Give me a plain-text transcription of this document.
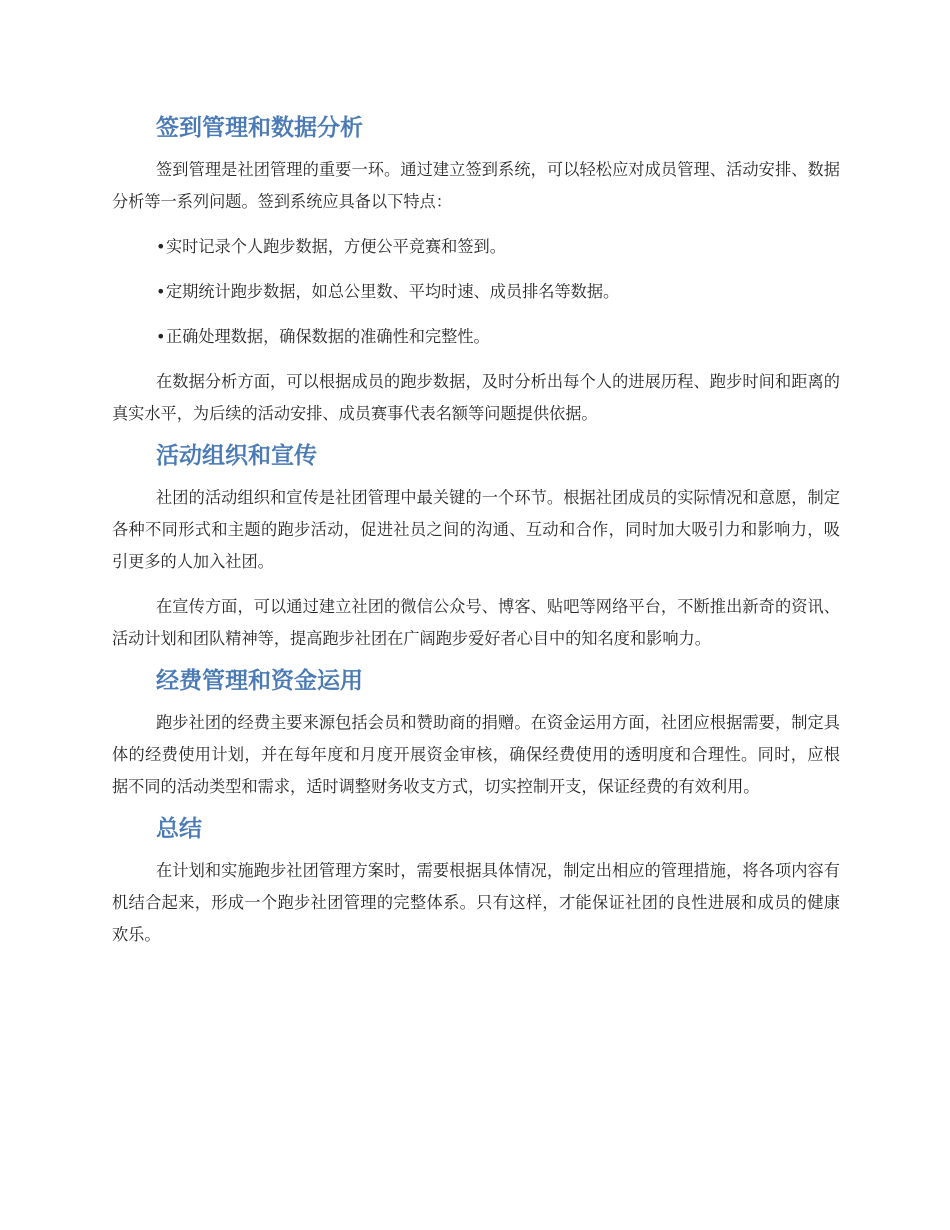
签到管理和数据分析

签到管理是社团管理的重要一环。通过建立签到系统，可以轻松应对成员管理、活动安排、数据分析等一系列问题。签到系统应具备以下特点：

•实时记录个人跑步数据，方便公平竞赛和签到。

•定期统计跑步数据，如总公里数、平均时速、成员排名等数据。

•正确处理数据，确保数据的准确性和完整性。

在数据分析方面，可以根据成员的跑步数据，及时分析出每个人的进展历程、跑步时间和距离的真实水平，为后续的活动安排、成员赛事代表名额等问题提供依据。

活动组织和宣传

社团的活动组织和宣传是社团管理中最关键的一个环节。根据社团成员的实际情况和意愿，制定各种不同形式和主题的跑步活动，促进社员之间的沟通、互动和合作，同时加大吸引力和影响力，吸引更多的人加入社团。

在宣传方面，可以通过建立社团的微信公众号、博客、贴吧等网络平台，不断推出新奇的资讯、活动计划和团队精神等，提高跑步社团在广阔跑步爱好者心目中的知名度和影响力。

经费管理和资金运用

跑步社团的经费主要来源包括会员和赞助商的捐赠。在资金运用方面，社团应根据需要，制定具体的经费使用计划，并在每年度和月度开展资金审核，确保经费使用的透明度和合理性。同时，应根据不同的活动类型和需求，适时调整财务收支方式，切实控制开支，保证经费的有效利用。

总结

在计划和实施跑步社团管理方案时，需要根据具体情况，制定出相应的管理措施，将各项内容有机结合起来，形成一个跑步社团管理的完整体系。只有这样，才能保证社团的良性进展和成员的健康欢乐。
